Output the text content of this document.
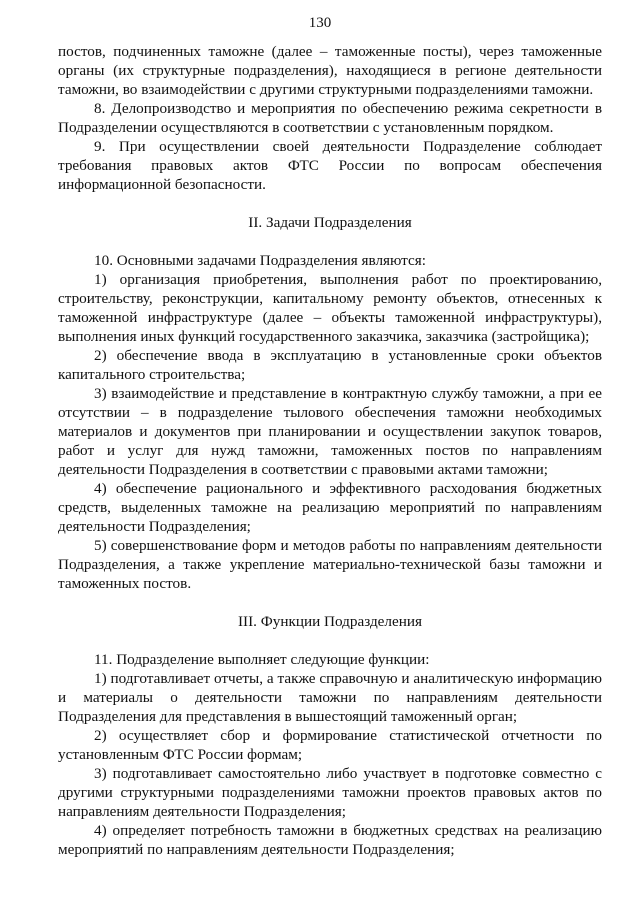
130

постов, подчиненных таможне (далее – таможенные посты), через таможенные органы (их структурные подразделения), находящиеся в регионе деятельности таможни, во взаимодействии с другими структурными подразделениями таможни.

8. Делопроизводство и мероприятия по обеспечению режима секретности в Подразделении осуществляются в соответствии с установленным порядком.

9. При осуществлении своей деятельности Подразделение соблюдает требования правовых актов ФТС России по вопросам обеспечения информационной безопасности.

II. Задачи Подразделения

10. Основными задачами Подразделения являются:

1) организация приобретения, выполнения работ по проектированию, строительству, реконструкции, капитальному ремонту объектов, отнесенных к таможенной инфраструктуре (далее – объекты таможенной инфраструктуры), выполнения иных функций государственного заказчика, заказчика (застройщика);

2) обеспечение ввода в эксплуатацию в установленные сроки объектов капитального строительства;

3) взаимодействие и представление в контрактную службу таможни, а при ее отсутствии – в подразделение тылового обеспечения таможни необходимых материалов и документов при планировании и осуществлении закупок товаров, работ и услуг для нужд таможни, таможенных постов по направлениям деятельности Подразделения в соответствии с правовыми актами таможни;

4) обеспечение рационального и эффективного расходования бюджетных средств, выделенных таможне на реализацию мероприятий по направлениям деятельности Подразделения;

5) совершенствование форм и методов работы по направлениям деятельности Подразделения, а также укрепление материально-технической базы таможни и таможенных постов.

III. Функции Подразделения

11. Подразделение выполняет следующие функции:

1) подготавливает отчеты, а также справочную и аналитическую информацию и материалы о деятельности таможни по направлениям деятельности Подразделения для представления в вышестоящий таможенный орган;

2) осуществляет сбор и формирование статистической отчетности по установленным ФТС России формам;

3) подготавливает самостоятельно либо участвует в подготовке совместно с другими структурными подразделениями таможни проектов правовых актов по направлениям деятельности Подразделения;

4) определяет потребность таможни в бюджетных средствах на реализацию мероприятий по направлениям деятельности Подразделения;
